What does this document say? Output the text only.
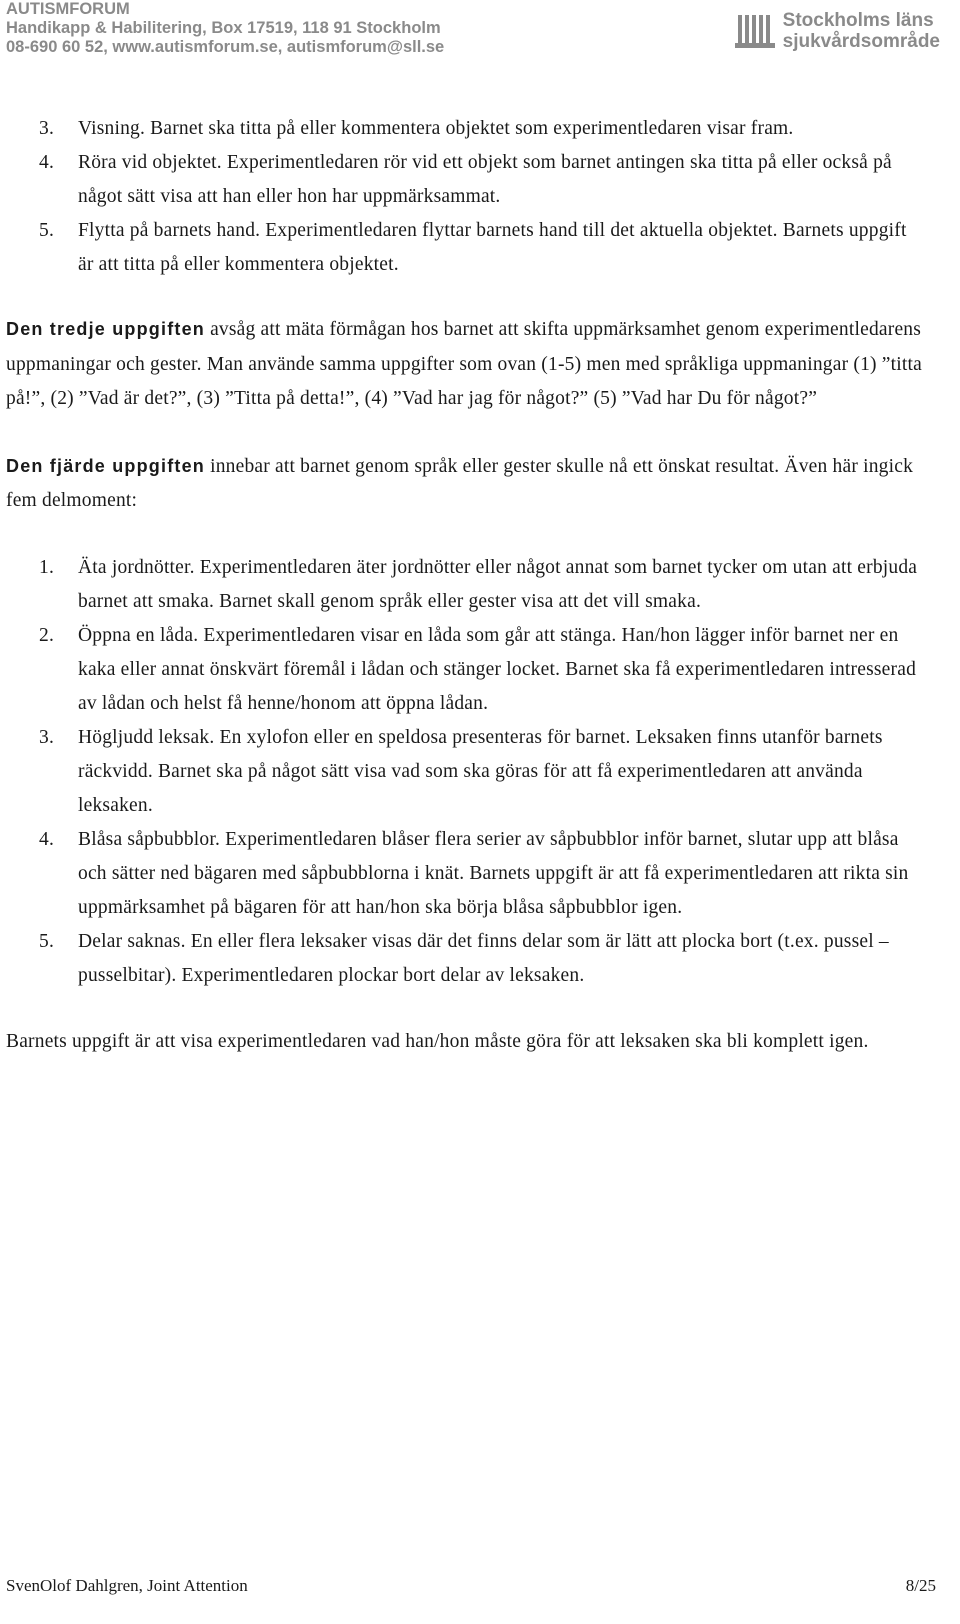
AUTISMFORUM
Handikapp & Habilitering, Box 17519, 118 91 Stockholm
08-690 60 52, www.autismforum.se, autismforum@sll.se
Stockholms läns
sjukvårdsområde
3. Visning. Barnet ska titta på eller kommentera objektet som experimentledaren visar fram.
4. Röra vid objektet. Experimentledaren rör vid ett objekt som barnet antingen ska titta på eller också på något sätt visa att han eller hon har uppmärksammat.
5. Flytta på barnets hand. Experimentledaren flyttar barnets hand till det aktuella objektet. Barnets uppgift är att titta på eller kommentera objektet.

Den tredje uppgiften avsåg att mäta förmågan hos barnet att skifta uppmärksamhet genom experimentledarens uppmaningar och gester. Man använde samma uppgifter som ovan (1-5) men med språkliga uppmaningar (1) ”titta på!”, (2) ”Vad är det?”, (3) ”Titta på detta!”, (4) ”Vad har jag för något?” (5) ”Vad har Du för något?”

Den fjärde uppgiften innebar att barnet genom språk eller gester skulle nå ett önskat resultat. Även här ingick fem delmoment:

1. Äta jordnötter. Experimentledaren äter jordnötter eller något annat som barnet tycker om utan att erbjuda barnet att smaka. Barnet skall genom språk eller gester visa att det vill smaka.
2. Öppna en låda. Experimentledaren visar en låda som går att stänga. Han/hon lägger inför barnet ner en kaka eller annat önskvärt föremål i lådan och stänger locket. Barnet ska få experimentledaren intresserad av lådan och helst få henne/honom att öppna lådan.
3. Högljudd leksak. En xylofon eller en speldosa presenteras för barnet. Leksaken finns utanför barnets räckvidd. Barnet ska på något sätt visa vad som ska göras för att få experimentledaren att använda leksaken.
4. Blåsa såpbubblor. Experimentledaren blåser flera serier av såpbubblor inför barnet, slutar upp att blåsa och sätter ned bägaren med såpbubblorna i knät. Barnets uppgift är att få experimentledaren att rikta sin uppmärksamhet på bägaren för att han/hon ska börja blåsa såpbubblor igen.
5. Delar saknas. En eller flera leksaker visas där det finns delar som är lätt att plocka bort (t.ex. pussel – pusselbitar). Experimentledaren plockar bort delar av leksaken.

Barnets uppgift är att visa experimentledaren vad han/hon måste göra för att leksaken ska bli komplett igen.

SvenOlof Dahlgren, Joint Attention	8/25
